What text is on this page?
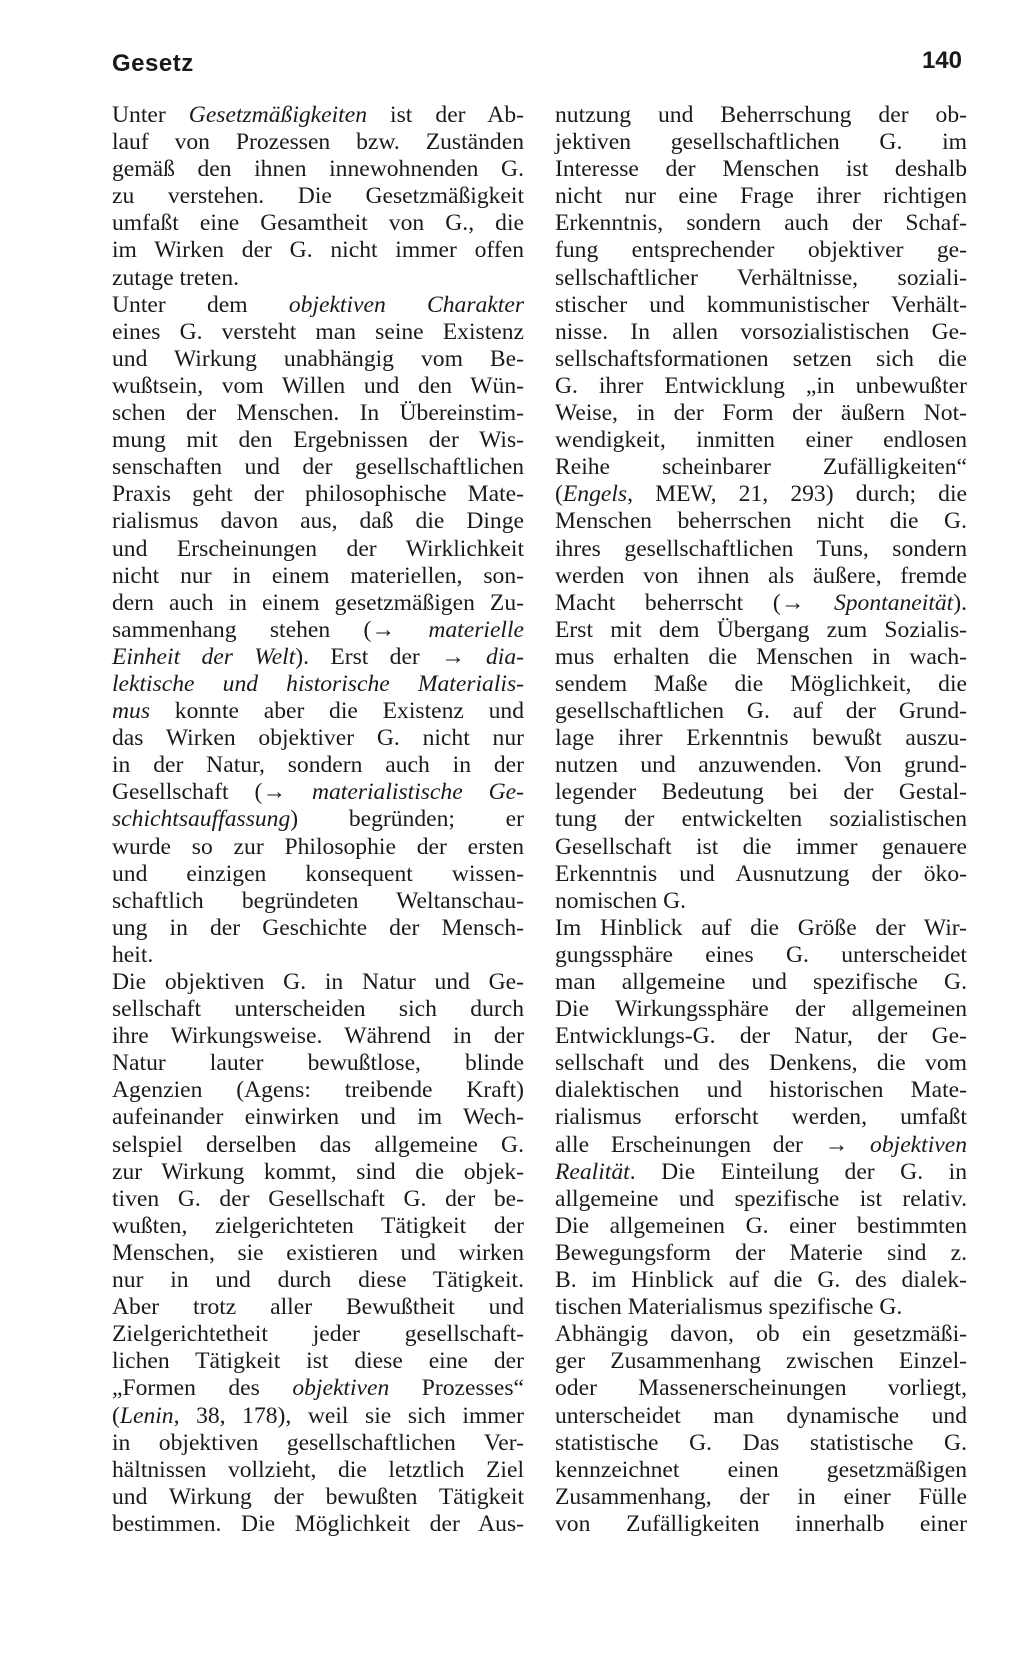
Gesetz	140
Unter Gesetzmäßigkeiten ist der Ab-
lauf von Prozessen bzw. Zuständen
gemäß den ihnen innewohnenden G.
zu verstehen. Die Gesetzmäßigkeit
umfaßt eine Gesamtheit von G., die
im Wirken der G. nicht immer offen
zutage treten.
Unter dem objektiven Charakter
eines G. versteht man seine Existenz
und Wirkung unabhängig vom Be-
wußtsein, vom Willen und den Wün-
schen der Menschen. In Übereinstim-
mung mit den Ergebnissen der Wis-
senschaften und der gesellschaftlichen
Praxis geht der philosophische Mate-
rialismus davon aus, daß die Dinge
und Erscheinungen der Wirklichkeit
nicht nur in einem materiellen, son-
dern auch in einem gesetzmäßigen Zu-
sammenhang stehen (→ materielle
Einheit der Welt). Erst der → dia-
lektische und historische Materialis-
mus konnte aber die Existenz und
das Wirken objektiver G. nicht nur
in der Natur, sondern auch in der
Gesellschaft (→ materialistische Ge-
schichtsauffassung) begründen; er
wurde so zur Philosophie der ersten
und einzigen konsequent wissen-
schaftlich begründeten Weltanschau-
ung in der Geschichte der Mensch-
heit.
Die objektiven G. in Natur und Ge-
sellschaft unterscheiden sich durch
ihre Wirkungsweise. Während in der
Natur lauter bewußtlose, blinde
Agenzien (Agens: treibende Kraft)
aufeinander einwirken und im Wech-
selspiel derselben das allgemeine G.
zur Wirkung kommt, sind die objek-
tiven G. der Gesellschaft G. der be-
wußten, zielgerichteten Tätigkeit der
Menschen, sie existieren und wirken
nur in und durch diese Tätigkeit.
Aber trotz aller Bewußtheit und
Zielgerichtetheit jeder gesellschaft-
lichen Tätigkeit ist diese eine der
„Formen des objektiven Prozesses“
(Lenin, 38, 178), weil sie sich immer
in objektiven gesellschaftlichen Ver-
hältnissen vollzieht, die letztlich Ziel
und Wirkung der bewußten Tätigkeit
bestimmen. Die Möglichkeit der Aus-
nutzung und Beherrschung der ob-
jektiven gesellschaftlichen G. im
Interesse der Menschen ist deshalb
nicht nur eine Frage ihrer richtigen
Erkenntnis, sondern auch der Schaf-
fung entsprechender objektiver ge-
sellschaftlicher Verhältnisse, soziali-
stischer und kommunistischer Verhält-
nisse. In allen vorsozialistischen Ge-
sellschaftsformationen setzen sich die
G. ihrer Entwicklung „in unbewußter
Weise, in der Form der äußern Not-
wendigkeit, inmitten einer endlosen
Reihe scheinbarer Zufälligkeiten“
(Engels, MEW, 21, 293) durch; die
Menschen beherrschen nicht die G.
ihres gesellschaftlichen Tuns, sondern
werden von ihnen als äußere, fremde
Macht beherrscht (→ Spontaneität).
Erst mit dem Übergang zum Sozialis-
mus erhalten die Menschen in wach-
sendem Maße die Möglichkeit, die
gesellschaftlichen G. auf der Grund-
lage ihrer Erkenntnis bewußt auszu-
nutzen und anzuwenden. Von grund-
legender Bedeutung bei der Gestal-
tung der entwickelten sozialistischen
Gesellschaft ist die immer genauere
Erkenntnis und Ausnutzung der öko-
nomischen G.
Im Hinblick auf die Größe der Wir-
gungssphäre eines G. unterscheidet
man allgemeine und spezifische G.
Die Wirkungssphäre der allgemeinen
Entwicklungs-G. der Natur, der Ge-
sellschaft und des Denkens, die vom
dialektischen und historischen Mate-
rialismus erforscht werden, umfaßt
alle Erscheinungen der → objektiven
Realität. Die Einteilung der G. in
allgemeine und spezifische ist relativ.
Die allgemeinen G. einer bestimmten
Bewegungsform der Materie sind z.
B. im Hinblick auf die G. des dialek-
tischen Materialismus spezifische G.
Abhängig davon, ob ein gesetzmäßi-
ger Zusammenhang zwischen Einzel-
oder Massenerscheinungen vorliegt,
unterscheidet man dynamische und
statistische G. Das statistische G.
kennzeichnet einen gesetzmäßigen
Zusammenhang, der in einer Fülle
von Zufälligkeiten innerhalb einer
